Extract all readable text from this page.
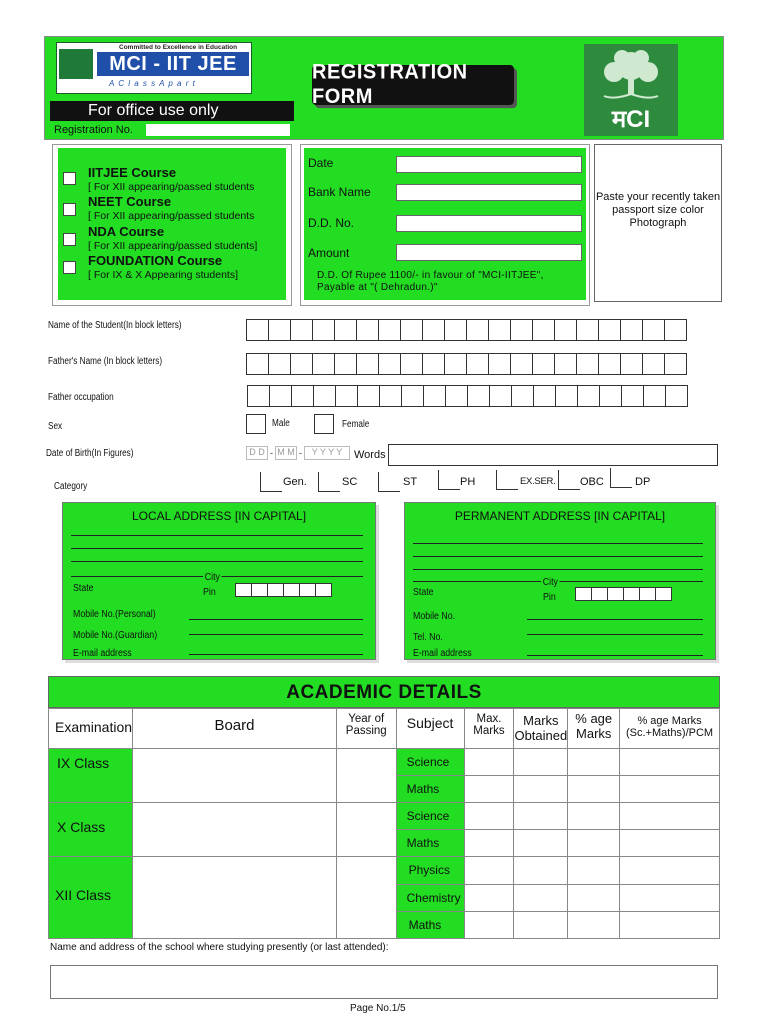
Committed to Excellence in Education
MCI - IIT JEE
A C l a s s A p a r t	REGISTRATION FORM
मCI
For office use only
Registration No.
IITJEE Course
[ For XII appearing/passed students
NEET Course
[ For XII appearing/passed students
NDA Course
[ For XII appearing/passed students]
FOUNDATION Course
[ For IX & X Appearing students]
Date
Bank Name
D.D. No.
Amount
D.D. Of Rupee 1100/- in favour of "MCI-IITJEE",
Payable at "( Dehradun.)"
Paste your recently taken passport size color Photograph
Name of the Student(In block letters)
Father's Name (In block letters)
Father occupation
Sex	Male	Female
Date of Birth(In Figures)	D D - M M -	Y Y Y Y	Words
Category	Gen.	SC	ST	PH	EX.SER. OBC	DP
LOCAL ADDRESS [IN CAPITAL]
State
City
Pin
Mobile No.(Personal)
Mobile No.(Guardian)
E-mail address
PERMANENT ADDRESS [IN CAPITAL]
State
City
Pin
Mobile No.
Tel. No.
E-mail address
ACADEMIC DETAILS
Examination	Board	Year of Passing	Subject	Max. Marks	Marks Obtained	% age Marks	% age Marks (Sc.+Maths)/PCM
IX Class			Science				
			Maths				
X Class			Science				
			Maths				
XII Class			Physics				
			Chemistry				
			Maths				
Name and address of the school where studying presently (or last attended):
Page No.1/5
